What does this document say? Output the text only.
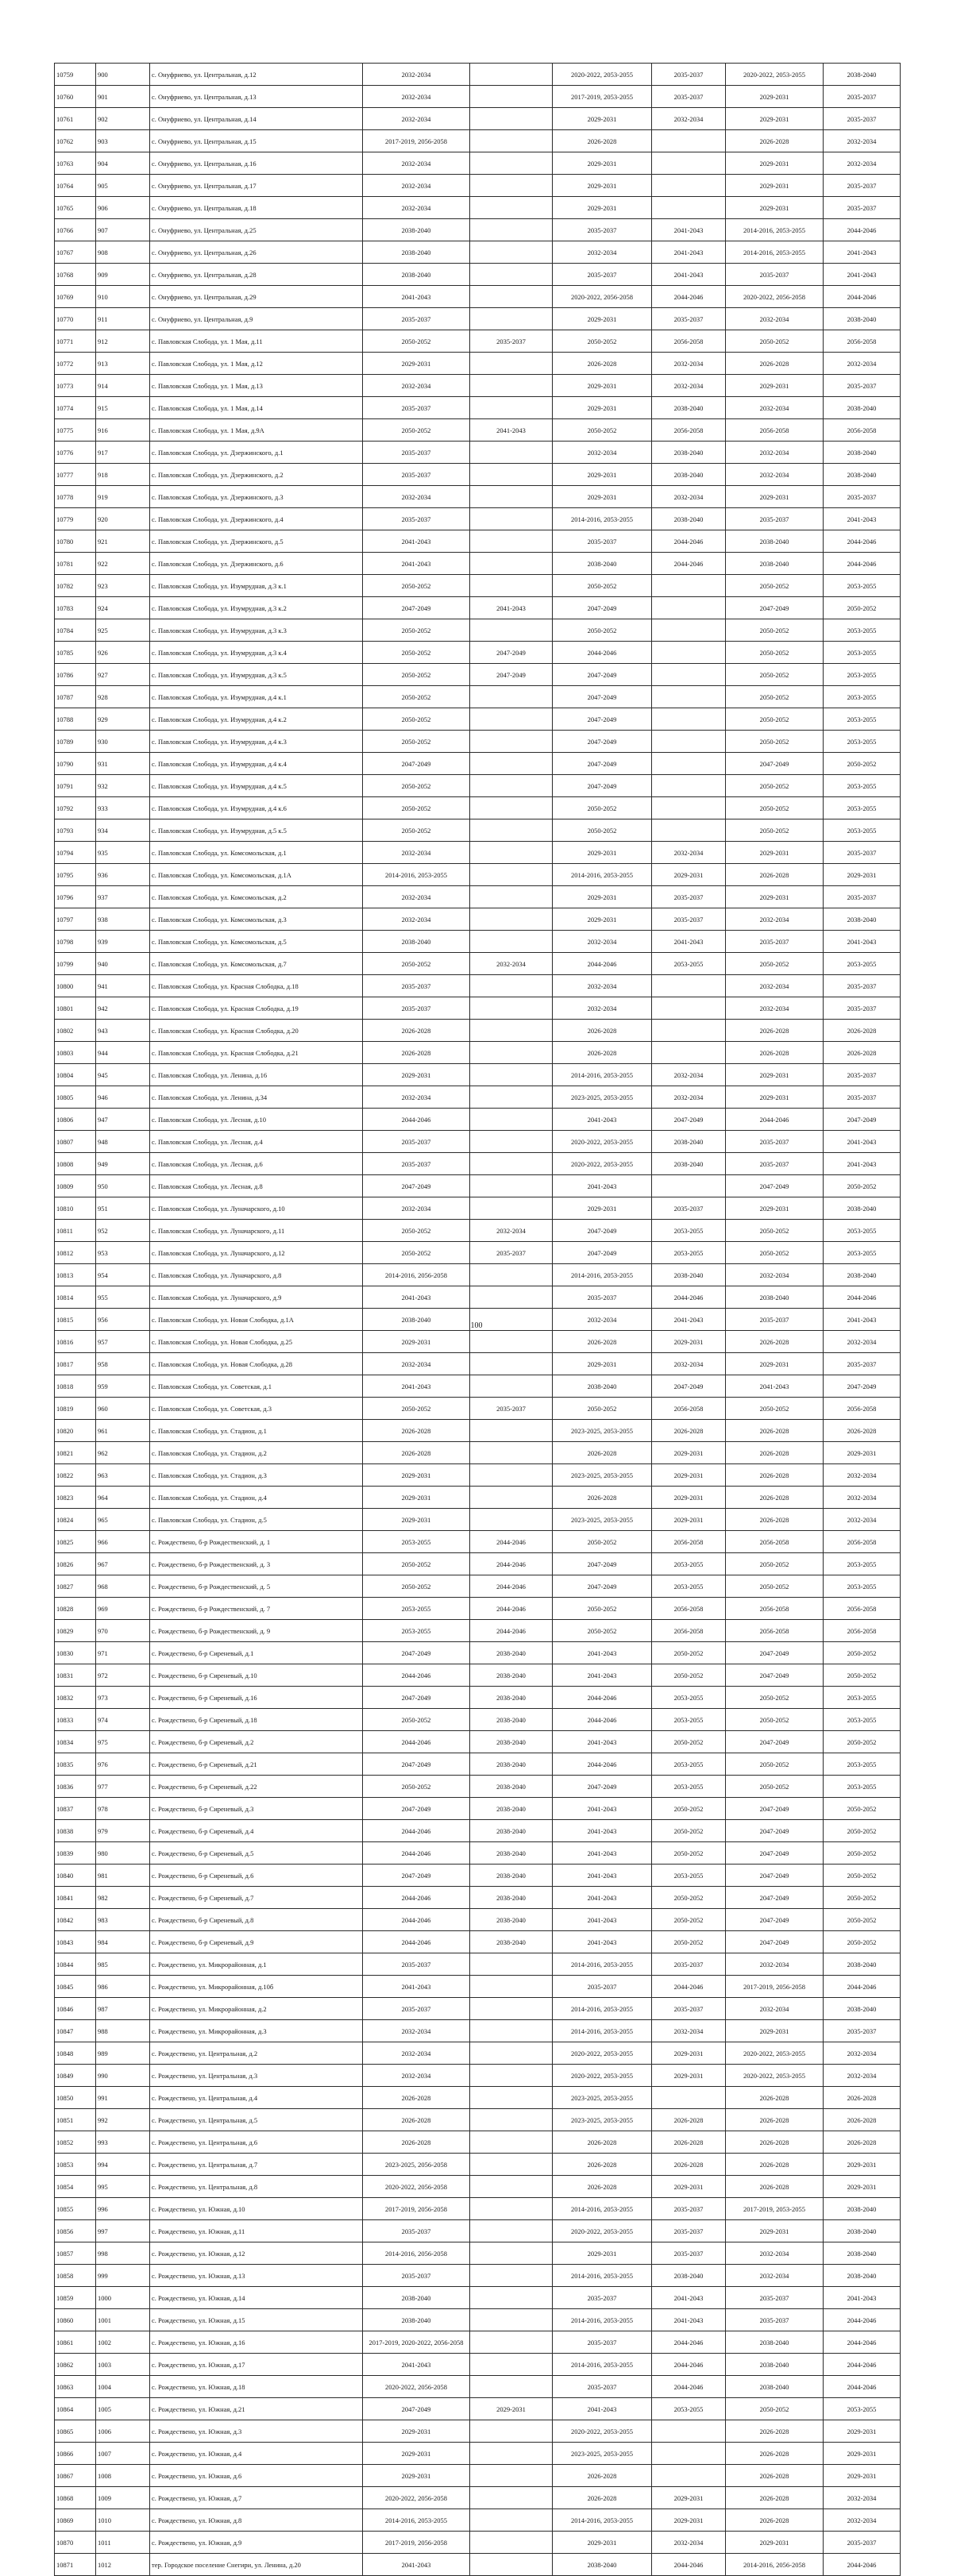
10759	900	с. Онуфриево, ул. Центральная, д.12	2032-2034		2020-2022, 2053-2055	2035-2037	2020-2022, 2053-2055	2038-2040
10760	901	с. Онуфриево, ул. Центральная, д.13	2032-2034		2017-2019, 2053-2055	2035-2037	2029-2031	2035-2037
10761	902	с. Онуфриево, ул. Центральная, д.14	2032-2034		2029-2031	2032-2034	2029-2031	2035-2037
10762	903	с. Онуфриево, ул. Центральная, д.15	2017-2019, 2056-2058		2026-2028		2026-2028	2032-2034
10763	904	с. Онуфриево, ул. Центральная, д.16	2032-2034		2029-2031		2029-2031	2032-2034
10764	905	с. Онуфриево, ул. Центральная, д.17	2032-2034		2029-2031		2029-2031	2035-2037
10765	906	с. Онуфриево, ул. Центральная, д.18	2032-2034		2029-2031		2029-2031	2035-2037
10766	907	с. Онуфриево, ул. Центральная, д.25	2038-2040		2035-2037	2041-2043	2014-2016, 2053-2055	2044-2046
10767	908	с. Онуфриево, ул. Центральная, д.26	2038-2040		2032-2034	2041-2043	2014-2016, 2053-2055	2041-2043
10768	909	с. Онуфриево, ул. Центральная, д.28	2038-2040		2035-2037	2041-2043	2035-2037	2041-2043
10769	910	с. Онуфриево, ул. Центральная, д.29	2041-2043		2020-2022, 2056-2058	2044-2046	2020-2022, 2056-2058	2044-2046
10770	911	с. Онуфриево, ул. Центральная, д.9	2035-2037		2029-2031	2035-2037	2032-2034	2038-2040
10771	912	с. Павловская Слобода, ул. 1 Мая, д.11	2050-2052	2035-2037	2050-2052	2056-2058	2050-2052	2056-2058
10772	913	с. Павловская Слобода, ул. 1 Мая, д.12	2029-2031		2026-2028	2032-2034	2026-2028	2032-2034
10773	914	с. Павловская Слобода, ул. 1 Мая, д.13	2032-2034		2029-2031	2032-2034	2029-2031	2035-2037
10774	915	с. Павловская Слобода, ул. 1 Мая, д.14	2035-2037		2029-2031	2038-2040	2032-2034	2038-2040
10775	916	с. Павловская Слобода, ул. 1 Мая, д.9А	2050-2052	2041-2043	2050-2052	2056-2058	2056-2058	2056-2058
10776	917	с. Павловская Слобода, ул. Дзержинского, д.1	2035-2037		2032-2034	2038-2040	2032-2034	2038-2040
10777	918	с. Павловская Слобода, ул. Дзержинского, д.2	2035-2037		2029-2031	2038-2040	2032-2034	2038-2040
10778	919	с. Павловская Слобода, ул. Дзержинского, д.3	2032-2034		2029-2031	2032-2034	2029-2031	2035-2037
10779	920	с. Павловская Слобода, ул. Дзержинского, д.4	2035-2037		2014-2016, 2053-2055	2038-2040	2035-2037	2041-2043
10780	921	с. Павловская Слобода, ул. Дзержинского, д.5	2041-2043		2035-2037	2044-2046	2038-2040	2044-2046
10781	922	с. Павловская Слобода, ул. Дзержинского, д.6	2041-2043		2038-2040	2044-2046	2038-2040	2044-2046
10782	923	с. Павловская Слобода, ул. Изумрудная, д.3 к.1	2050-2052		2050-2052		2050-2052	2053-2055
10783	924	с. Павловская Слобода, ул. Изумрудная, д.3 к.2	2047-2049	2041-2043	2047-2049		2047-2049	2050-2052
10784	925	с. Павловская Слобода, ул. Изумрудная, д.3 к.3	2050-2052		2050-2052		2050-2052	2053-2055
10785	926	с. Павловская Слобода, ул. Изумрудная, д.3 к.4	2050-2052	2047-2049	2044-2046		2050-2052	2053-2055
10786	927	с. Павловская Слобода, ул. Изумрудная, д.3 к.5	2050-2052	2047-2049	2047-2049		2050-2052	2053-2055
10787	928	с. Павловская Слобода, ул. Изумрудная, д.4 к.1	2050-2052		2047-2049		2050-2052	2053-2055
10788	929	с. Павловская Слобода, ул. Изумрудная, д.4 к.2	2050-2052		2047-2049		2050-2052	2053-2055
10789	930	с. Павловская Слобода, ул. Изумрудная, д.4 к.3	2050-2052		2047-2049		2050-2052	2053-2055
10790	931	с. Павловская Слобода, ул. Изумрудная, д.4 к.4	2047-2049		2047-2049		2047-2049	2050-2052
10791	932	с. Павловская Слобода, ул. Изумрудная, д.4 к.5	2050-2052		2047-2049		2050-2052	2053-2055
10792	933	с. Павловская Слобода, ул. Изумрудная, д.4 к.6	2050-2052		2050-2052		2050-2052	2053-2055
10793	934	с. Павловская Слобода, ул. Изумрудная, д.5 к.5	2050-2052		2050-2052		2050-2052	2053-2055
10794	935	с. Павловская Слобода, ул. Комсомольская, д.1	2032-2034		2029-2031	2032-2034	2029-2031	2035-2037
10795	936	с. Павловская Слобода, ул. Комсомольская, д.1А	2014-2016, 2053-2055		2014-2016, 2053-2055	2029-2031	2026-2028	2029-2031
10796	937	с. Павловская Слобода, ул. Комсомольская, д.2	2032-2034		2029-2031	2035-2037	2029-2031	2035-2037
10797	938	с. Павловская Слобода, ул. Комсомольская, д.3	2032-2034		2029-2031	2035-2037	2032-2034	2038-2040
10798	939	с. Павловская Слобода, ул. Комсомольская, д.5	2038-2040		2032-2034	2041-2043	2035-2037	2041-2043
10799	940	с. Павловская Слобода, ул. Комсомольская, д.7	2050-2052	2032-2034	2044-2046	2053-2055	2050-2052	2053-2055
10800	941	с. Павловская Слобода, ул. Красная Слободка, д.18	2035-2037		2032-2034		2032-2034	2035-2037
10801	942	с. Павловская Слобода, ул. Красная Слободка, д.19	2035-2037		2032-2034		2032-2034	2035-2037
10802	943	с. Павловская Слобода, ул. Красная Слободка, д.20	2026-2028		2026-2028		2026-2028	2026-2028
10803	944	с. Павловская Слобода, ул. Красная Слободка, д.21	2026-2028		2026-2028		2026-2028	2026-2028
10804	945	с. Павловская Слобода, ул. Ленина, д.16	2029-2031		2014-2016, 2053-2055	2032-2034	2029-2031	2035-2037
10805	946	с. Павловская Слобода, ул. Ленина, д.34	2032-2034		2023-2025, 2053-2055	2032-2034	2029-2031	2035-2037
10806	947	с. Павловская Слобода, ул. Лесная, д.10	2044-2046		2041-2043	2047-2049	2044-2046	2047-2049
10807	948	с. Павловская Слобода, ул. Лесная, д.4	2035-2037		2020-2022, 2053-2055	2038-2040	2035-2037	2041-2043
10808	949	с. Павловская Слобода, ул. Лесная, д.6	2035-2037		2020-2022, 2053-2055	2038-2040	2035-2037	2041-2043
10809	950	с. Павловская Слобода, ул. Лесная, д.8	2047-2049		2041-2043		2047-2049	2050-2052
10810	951	с. Павловская Слобода, ул. Луначарского, д.10	2032-2034		2029-2031	2035-2037	2029-2031	2038-2040
10811	952	с. Павловская Слобода, ул. Луначарского, д.11	2050-2052	2032-2034	2047-2049	2053-2055	2050-2052	2053-2055
10812	953	с. Павловская Слобода, ул. Луначарского, д.12	2050-2052	2035-2037	2047-2049	2053-2055	2050-2052	2053-2055
10813	954	с. Павловская Слобода, ул. Луначарского, д.8	2014-2016, 2056-2058		2014-2016, 2053-2055	2038-2040	2032-2034	2038-2040
10814	955	с. Павловская Слобода, ул. Луначарского, д.9	2041-2043		2035-2037	2044-2046	2038-2040	2044-2046
10815	956	с. Павловская Слобода, ул. Новая Слободка, д.1А	2038-2040		2032-2034	2041-2043	2035-2037	2041-2043
10816	957	с. Павловская Слобода, ул. Новая Слободка, д.25	2029-2031		2026-2028	2029-2031	2026-2028	2032-2034
10817	958	с. Павловская Слобода, ул. Новая Слободка, д.28	2032-2034		2029-2031	2032-2034	2029-2031	2035-2037
10818	959	с. Павловская Слобода, ул. Советская, д.1	2041-2043		2038-2040	2047-2049	2041-2043	2047-2049
10819	960	с. Павловская Слобода, ул. Советская, д.3	2050-2052	2035-2037	2050-2052	2056-2058	2050-2052	2056-2058
10820	961	с. Павловская Слобода, ул. Стадион, д.1	2026-2028		2023-2025, 2053-2055	2026-2028	2026-2028	2026-2028
10821	962	с. Павловская Слобода, ул. Стадион, д.2	2026-2028		2026-2028	2029-2031	2026-2028	2029-2031
10822	963	с. Павловская Слобода, ул. Стадион, д.3	2029-2031		2023-2025, 2053-2055	2029-2031	2026-2028	2032-2034
10823	964	с. Павловская Слобода, ул. Стадион, д.4	2029-2031		2026-2028	2029-2031	2026-2028	2032-2034
10824	965	с. Павловская Слобода, ул. Стадион, д.5	2029-2031		2023-2025, 2053-2055	2029-2031	2026-2028	2032-2034
10825	966	с. Рождествено, б-р Рождественский, д. 1	2053-2055	2044-2046	2050-2052	2056-2058	2056-2058	2056-2058
10826	967	с. Рождествено, б-р Рождественский, д. 3	2050-2052	2044-2046	2047-2049	2053-2055	2050-2052	2053-2055
10827	968	с. Рождествено, б-р Рождественский, д. 5	2050-2052	2044-2046	2047-2049	2053-2055	2050-2052	2053-2055
10828	969	с. Рождествено, б-р Рождественский, д. 7	2053-2055	2044-2046	2050-2052	2056-2058	2056-2058	2056-2058
10829	970	с. Рождествено, б-р Рождественский, д. 9	2053-2055	2044-2046	2050-2052	2056-2058	2056-2058	2056-2058
10830	971	с. Рождествено, б-р Сиреневый, д.1	2047-2049	2038-2040	2041-2043	2050-2052	2047-2049	2050-2052
10831	972	с. Рождествено, б-р Сиреневый, д.10	2044-2046	2038-2040	2041-2043	2050-2052	2047-2049	2050-2052
10832	973	с. Рождествено, б-р Сиреневый, д.16	2047-2049	2038-2040	2044-2046	2053-2055	2050-2052	2053-2055
10833	974	с. Рождествено, б-р Сиреневый, д.18	2050-2052	2038-2040	2044-2046	2053-2055	2050-2052	2053-2055
10834	975	с. Рождествено, б-р Сиреневый, д.2	2044-2046	2038-2040	2041-2043	2050-2052	2047-2049	2050-2052
10835	976	с. Рождествено, б-р Сиреневый, д.21	2047-2049	2038-2040	2044-2046	2053-2055	2050-2052	2053-2055
10836	977	с. Рождествено, б-р Сиреневый, д.22	2050-2052	2038-2040	2047-2049	2053-2055	2050-2052	2053-2055
10837	978	с. Рождествено, б-р Сиреневый, д.3	2047-2049	2038-2040	2041-2043	2050-2052	2047-2049	2050-2052
10838	979	с. Рождествено, б-р Сиреневый, д.4	2044-2046	2038-2040	2041-2043	2050-2052	2047-2049	2050-2052
10839	980	с. Рождествено, б-р Сиреневый, д.5	2044-2046	2038-2040	2041-2043	2050-2052	2047-2049	2050-2052
10840	981	с. Рождествено, б-р Сиреневый, д.6	2047-2049	2038-2040	2041-2043	2053-2055	2047-2049	2050-2052
10841	982	с. Рождествено, б-р Сиреневый, д.7	2044-2046	2038-2040	2041-2043	2050-2052	2047-2049	2050-2052
10842	983	с. Рождествено, б-р Сиреневый, д.8	2044-2046	2038-2040	2041-2043	2050-2052	2047-2049	2050-2052
10843	984	с. Рождествено, б-р Сиреневый, д.9	2044-2046	2038-2040	2041-2043	2050-2052	2047-2049	2050-2052
10844	985	с. Рождествено, ул. Микрорайонная, д.1	2035-2037		2014-2016, 2053-2055	2035-2037	2032-2034	2038-2040
10845	986	с. Рождествено, ул. Микрорайонная, д.10б	2041-2043		2035-2037	2044-2046	2017-2019, 2056-2058	2044-2046
10846	987	с. Рождествено, ул. Микрорайонная, д.2	2035-2037		2014-2016, 2053-2055	2035-2037	2032-2034	2038-2040
10847	988	с. Рождествено, ул. Микрорайонная, д.3	2032-2034		2014-2016, 2053-2055	2032-2034	2029-2031	2035-2037
10848	989	с. Рождествено, ул. Центральная, д.2	2032-2034		2020-2022, 2053-2055	2029-2031	2020-2022, 2053-2055	2032-2034
10849	990	с. Рождествено, ул. Центральная, д.3	2032-2034		2020-2022, 2053-2055	2029-2031	2020-2022, 2053-2055	2032-2034
10850	991	с. Рождествено, ул. Центральная, д.4	2026-2028		2023-2025, 2053-2055		2026-2028	2026-2028
10851	992	с. Рождествено, ул. Центральная, д.5	2026-2028		2023-2025, 2053-2055	2026-2028	2026-2028	2026-2028
10852	993	с. Рождествено, ул. Центральная, д.6	2026-2028		2026-2028	2026-2028	2026-2028	2026-2028
10853	994	с. Рождествено, ул. Центральная, д.7	2023-2025, 2056-2058		2026-2028	2026-2028	2026-2028	2029-2031
10854	995	с. Рождествено, ул. Центральная, д.8	2020-2022, 2056-2058		2026-2028	2029-2031	2026-2028	2029-2031
10855	996	с. Рождествено, ул. Южная, д.10	2017-2019, 2056-2058		2014-2016, 2053-2055	2035-2037	2017-2019, 2053-2055	2038-2040
10856	997	с. Рождествено, ул. Южная, д.11	2035-2037		2020-2022, 2053-2055	2035-2037	2029-2031	2038-2040
10857	998	с. Рождествено, ул. Южная, д.12	2014-2016, 2056-2058		2029-2031	2035-2037	2032-2034	2038-2040
10858	999	с. Рождествено, ул. Южная, д.13	2035-2037		2014-2016, 2053-2055	2038-2040	2032-2034	2038-2040
10859	1000	с. Рождествено, ул. Южная, д.14	2038-2040		2035-2037	2041-2043	2035-2037	2041-2043
10860	1001	с. Рождествено, ул. Южная, д.15	2038-2040		2014-2016, 2053-2055	2041-2043	2035-2037	2044-2046
10861	1002	с. Рождествено, ул. Южная, д.16	2017-2019, 2020-2022, 2056-2058		2035-2037	2044-2046	2038-2040	2044-2046
10862	1003	с. Рождествено, ул. Южная, д.17	2041-2043		2014-2016, 2053-2055	2044-2046	2038-2040	2044-2046
10863	1004	с. Рождествено, ул. Южная, д.18	2020-2022, 2056-2058		2035-2037	2044-2046	2038-2040	2044-2046
10864	1005	с. Рождествено, ул. Южная, д.21	2047-2049	2029-2031	2041-2043	2053-2055	2050-2052	2053-2055
10865	1006	с. Рождествено, ул. Южная, д.3	2029-2031		2020-2022, 2053-2055		2026-2028	2029-2031
10866	1007	с. Рождествено, ул. Южная, д.4	2029-2031		2023-2025, 2053-2055		2026-2028	2029-2031
10867	1008	с. Рождествено, ул. Южная, д.6	2029-2031		2026-2028		2026-2028	2029-2031
10868	1009	с. Рождествено, ул. Южная, д.7	2020-2022, 2056-2058		2026-2028	2029-2031	2026-2028	2032-2034
10869	1010	с. Рождествено, ул. Южная, д.8	2014-2016, 2053-2055		2014-2016, 2053-2055	2029-2031	2026-2028	2032-2034
10870	1011	с. Рождествено, ул. Южная, д.9	2017-2019, 2056-2058		2029-2031	2032-2034	2029-2031	2035-2037
10871	1012	тер. Городское поселение Снегири, ул. Ленина, д.20	2041-2043		2038-2040	2044-2046	2014-2016, 2056-2058	2044-2046
100
